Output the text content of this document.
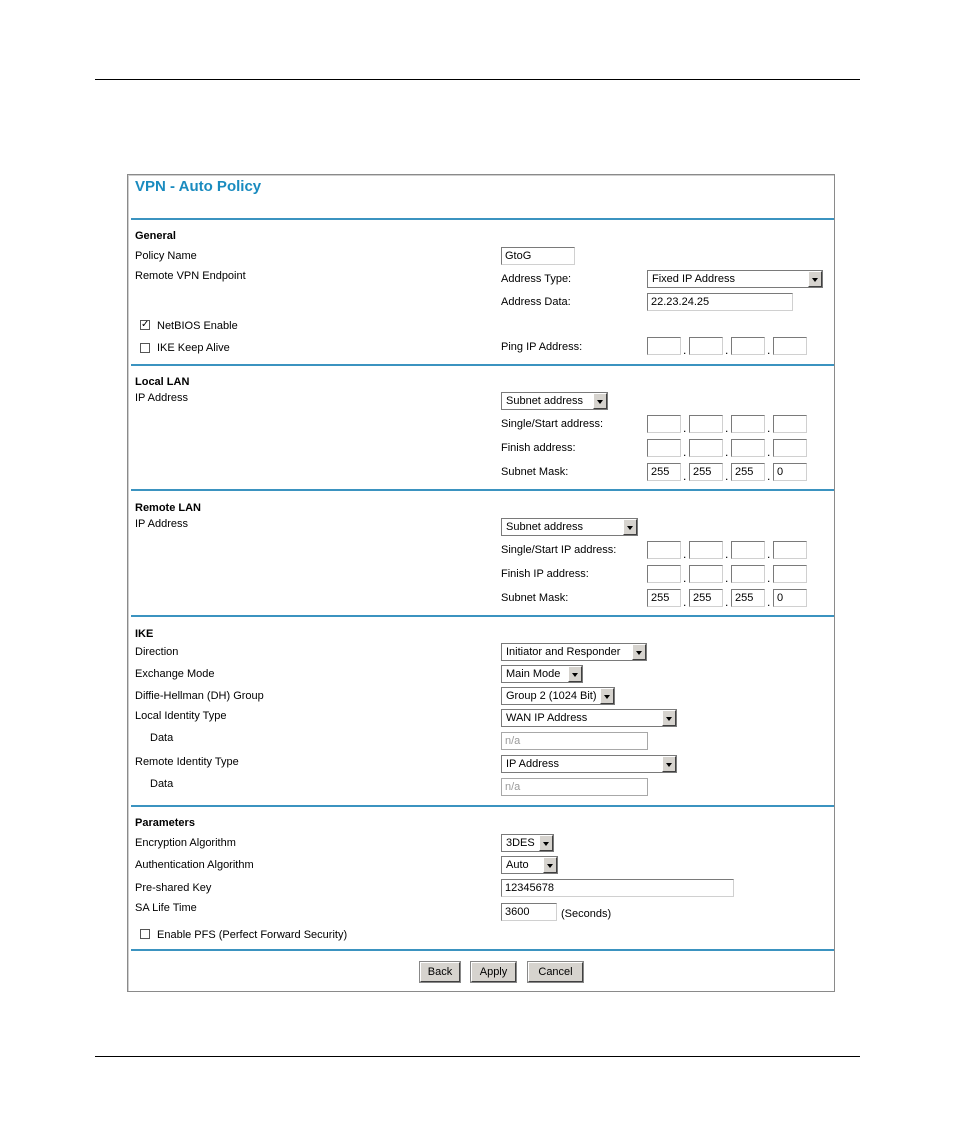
VPN - Auto Policy
General
Policy Name	GtoG
Remote VPN Endpoint	Address Type:	Fixed IP Address
Address Data:	22.23.24.25
✓ NetBIOS Enable
IKE Keep Alive	Ping IP Address:	.	.	.
Local LAN
IP Address	Subnet address
Single/Start address:	.	.	.
Finish address:	.	.	.
Subnet Mask:	255	. 255	. 255	. 0
Remote LAN
IP Address	Subnet address
Single/Start IP address:	.	.	.
Finish IP address:	.	.	.
Subnet Mask:	255	. 255	. 255	. 0
IKE
Direction	Initiator and Responder
Exchange Mode	Main Mode
Diffie-Hellman (DH) Group	Group 2 (1024 Bit)
Local Identity Type	WAN IP Address
Data	n/a
Remote Identity Type	IP Address
Data	n/a
Parameters
Encryption Algorithm	3DES
Authentication Algorithm	Auto
Pre-shared Key	12345678
SA Life Time	3600	(Seconds)
Enable PFS (Perfect Forward Security)
Back	Apply	Cancel
